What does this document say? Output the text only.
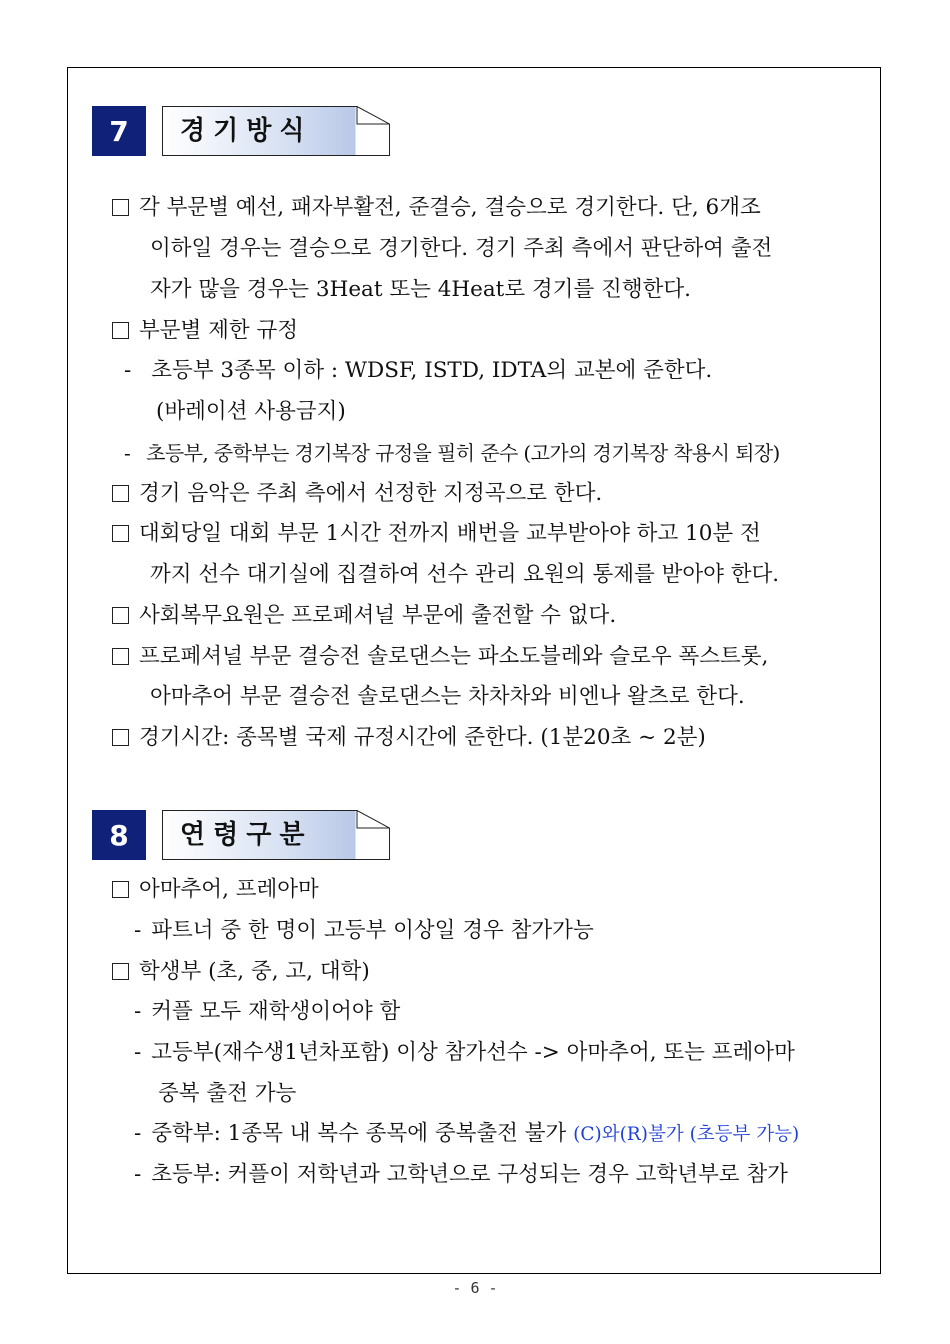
7	경기방식
각 부문별 예선, 패자부활전, 준결승, 결승으로 경기한다. 단, 6개조
이하일 경우는 결승으로 경기한다. 경기 주최 측에서 판단하여 출전
자가 많을 경우는 3Heat 또는 4Heat로 경기를 진행한다.
부문별 제한 규정
- 초등부 3종목 이하 : WDSF, ISTD, IDTA의 교본에 준한다.
(바레이션 사용금지)
- 초등부, 중학부는 경기복장 규정을 필히 준수 (고가의 경기복장 착용시 퇴장)
경기 음악은 주최 측에서 선정한 지정곡으로 한다.
대회당일 대회 부문 1시간 전까지 배번을 교부받아야 하고 10분 전
까지 선수 대기실에 집결하여 선수 관리 요원의 통제를 받아야 한다.
사회복무요원은 프로페셔널 부문에 출전할 수 없다.
프로페셔널 부문 결승전 솔로댄스는 파소도블레와 슬로우 폭스트롯,
아마추어 부문 결승전 솔로댄스는 차차차와 비엔나 왈츠로 한다.
경기시간: 종목별 국제 규정시간에 준한다. (1분20초 ~ 2분)
8	연령구분
아마추어, 프레아마
- 파트너 중 한 명이 고등부 이상일 경우 참가가능
학생부 (초, 중, 고, 대학)
- 커플 모두 재학생이어야 함
- 고등부(재수생1년차포함) 이상 참가선수 -> 아마추어, 또는 프레아마
중복 출전 가능
- 중학부: 1종목 내 복수 종목에 중복출전 불가 (C)와(R)불가 (초등부 가능)
- 초등부: 커플이 저학년과 고학년으로 구성되는 경우 고학년부로 참가
- 6 -
